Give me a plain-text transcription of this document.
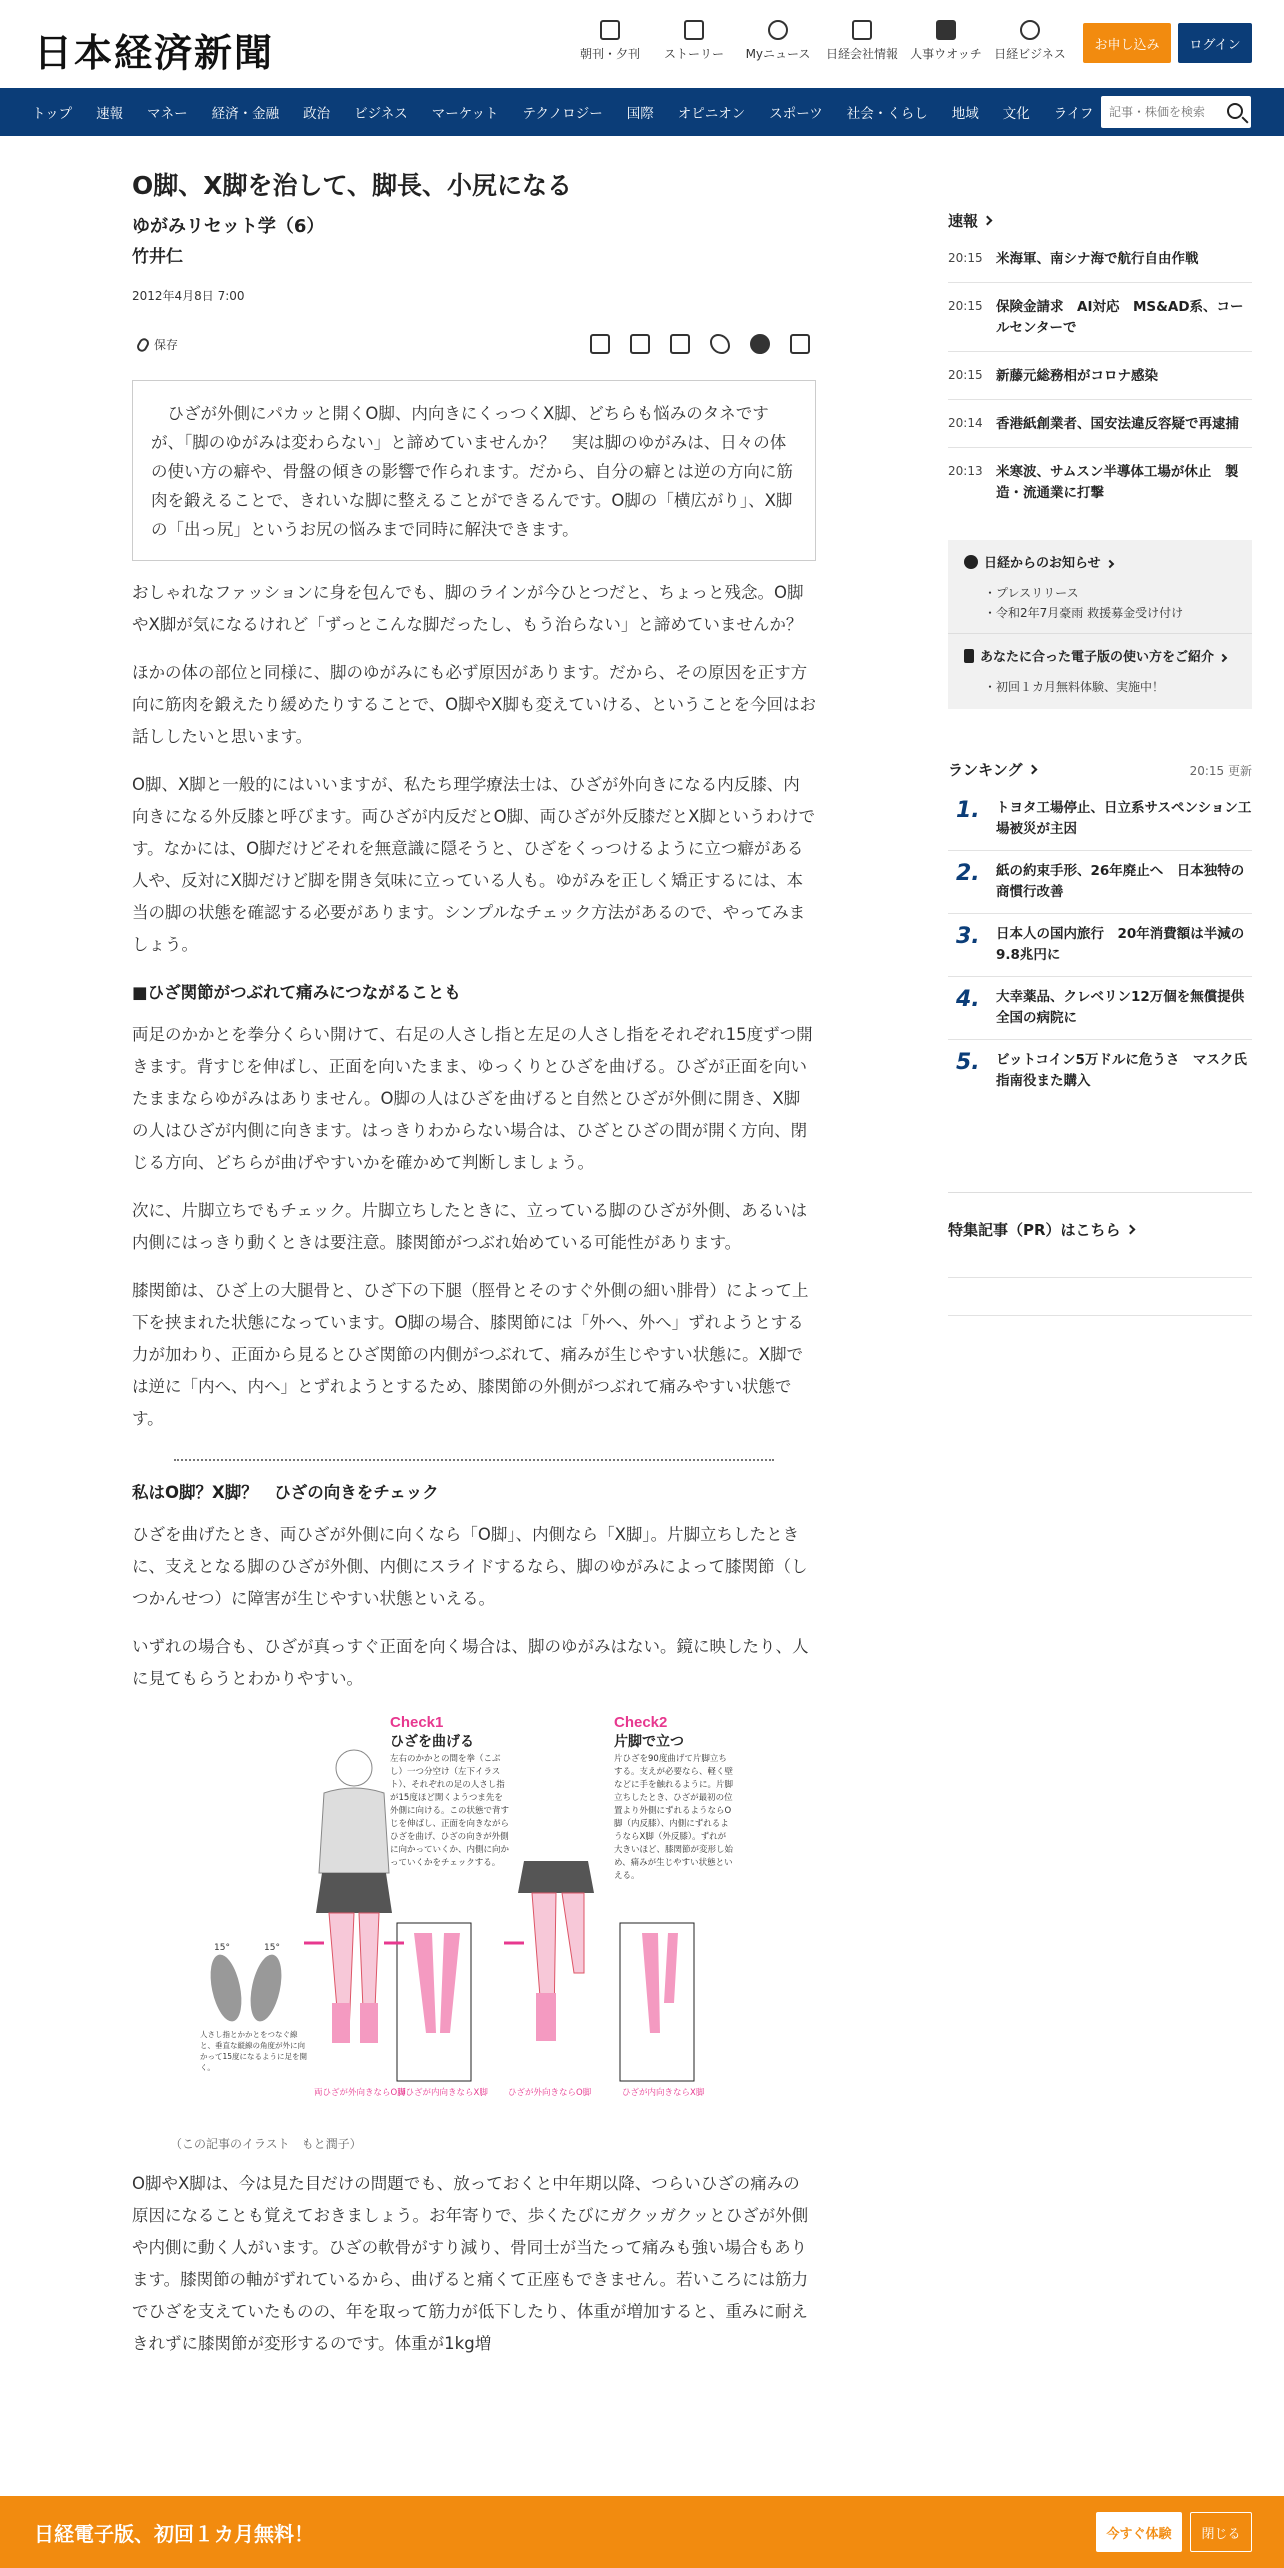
日本経済新聞	朝刊・夕刊	ストーリー	Myニュース	日経会社情報	人事ウオッチ	日経ビジネス
お申し込み	ログイン
トップ	速報	マネー	経済・金融	政治	ビジネス	マーケット	テクノロジー	国際	オピニオン	スポーツ	社会・くらし	地域	文化	ライフ
記事・株価を検索
O脚、X脚を治して、脚長、小尻になる
ゆがみリセット学（6）
竹井仁
2012年4月8日 7:00
保存
ひざが外側にパカッと開くO脚、内向きにくっつくX脚、どちらも悩みのタネですが、「脚のゆがみは変わらない」と諦めていませんか？　実は脚のゆがみは、日々の体の使い方の癖や、骨盤の傾きの影響で作られます。だから、自分の癖とは逆の方向に筋肉を鍛えることで、きれいな脚に整えることができるんです。O脚の「横広がり」、X脚の「出っ尻」というお尻の悩みまで同時に解決できます。

おしゃれなファッションに身を包んでも、脚のラインが今ひとつだと、ちょっと残念。O脚やX脚が気になるけれど「ずっとこんな脚だったし、もう治らない」と諦めていませんか？

ほかの体の部位と同様に、脚のゆがみにも必ず原因があります。だから、その原因を正す方向に筋肉を鍛えたり緩めたりすることで、O脚やX脚も変えていける、ということを今回はお話ししたいと思います。

O脚、X脚と一般的にはいいますが、私たち理学療法士は、ひざが外向きになる内反膝、内向きになる外反膝と呼びます。両ひざが内反だとO脚、両ひざが外反膝だとX脚というわけです。なかには、O脚だけどそれを無意識に隠そうと、ひざをくっつけるように立つ癖がある人や、反対にX脚だけど脚を開き気味に立っている人も。ゆがみを正しく矯正するには、本当の脚の状態を確認する必要があります。シンプルなチェック方法があるので、やってみましょう。

■ひざ関節がつぶれて痛みにつながることも

両足のかかとを拳分くらい開けて、右足の人さし指と左足の人さし指をそれぞれ15度ずつ開きます。背すじを伸ばし、正面を向いたまま、ゆっくりとひざを曲げる。ひざが正面を向いたままならゆがみはありません。O脚の人はひざを曲げると自然とひざが外側に開き、X脚の人はひざが内側に向きます。はっきりわからない場合は、ひざとひざの間が開く方向、閉じる方向、どちらが曲げやすいかを確かめて判断しましょう。

次に、片脚立ちでもチェック。片脚立ちしたときに、立っている脚のひざが外側、あるいは内側にはっきり動くときは要注意。膝関節がつぶれ始めている可能性があります。

膝関節は、ひざ上の大腿骨と、ひざ下の下腿（脛骨とそのすぐ外側の細い腓骨）によって上下を挟まれた状態になっています。O脚の場合、膝関節には「外へ、外へ」ずれようとする力が加わり、正面から見るとひざ関節の内側がつぶれて、痛みが生じやすい状態に。X脚では逆に「内へ、内へ」とずれようとするため、膝関節の外側がつぶれて痛みやすい状態です。

私はO脚？X脚？　ひざの向きをチェック

ひざを曲げたとき、両ひざが外側に向くなら「O脚」、内側なら「X脚」。片脚立ちしたときに、支えとなる脚のひざが外側、内側にスライドするなら、脚のゆがみによって膝関節（しつかんせつ）に障害が生じやすい状態といえる。

いずれの場合も、ひざが真っすぐ正面を向く場合は、脚のゆがみはない。鏡に映したり、人に見てもらうとわかりやすい。

Check1
ひざを曲げる
左右のかかとの間を拳（こぶし）一つ分空け（左下イラスト）、それぞれの足の人さし指が15度ほど開くようつま先を外側に向ける。この状態で背すじを伸ばし、正面を向きながらひざを曲げ、ひざの向きが外側に向かっていくか、内側に向かっていくかをチェックする。
Check2
片脚で立つ
片ひざを90度曲げて片脚立ちする。支えが必要なら、軽く壁などに手を触れるように。片脚立ちしたとき、ひざが最初の位置より外側にずれるようならO脚（内反膝）、内側にずれるようならX脚（外反膝）。ずれが大きいほど、膝関節が変形し始め、痛みが生じやすい状態といえる。
15°	15°
人さし指とかかとをつなぐ線と、垂直な縦線の角度が外に向かって15度になるように足を開く。
両ひざが外向きならO脚
両ひざが内向きならX脚 ひざが外向きならO脚	ひざが内向きならX脚
（この記事のイラスト　もと潤子）

O脚やX脚は、今は見た目だけの問題でも、放っておくと中年期以降、つらいひざの痛みの原因になることも覚えておきましょう。お年寄りで、歩くたびにガクッガクッとひざが外側や内側に動く人がいます。ひざの軟骨がすり減り、骨同士が当たって痛みも強い場合もあります。膝関節の軸がずれているから、曲げると痛くて正座もできません。若いころには筋力でひざを支えていたものの、年を取って筋力が低下したり、体重が増加すると、重みに耐えきれずに膝関節が変形するのです。体重が1kg増

速報
20:15 米海軍、南シナ海で航行自由作戦
20:15 保険金請求　AI対応　MS&AD系、コールセンターで
20:15 新藤元総務相がコロナ感染
20:14 香港紙創業者、国安法違反容疑で再逮捕
20:13 米寒波、サムスン半導体工場が休止　製造・流通業に打撃
日経からのお知らせ
・ プレスリリース
・ 令和2年7月豪雨 救援募金受け付け
あなたに合った電子版の使い方をご紹介
・ 初回１カ月無料体験、実施中！
ランキング	20:15 更新
1.	トヨタ工場停止、日立系サスペンション工場被災が主因
2.	紙の約束手形、26年廃止へ　日本独特の商慣行改善
3.	日本人の国内旅行　20年消費額は半減の9.8兆円に
4.	大幸薬品、クレベリン12万個を無償提供　全国の病院に
5.	ビットコイン5万ドルに危うさ　マスク氏指南役また購入
特集記事（PR）はこちら
日経電子版、初回１カ月無料！	今すぐ体験	閉じる
